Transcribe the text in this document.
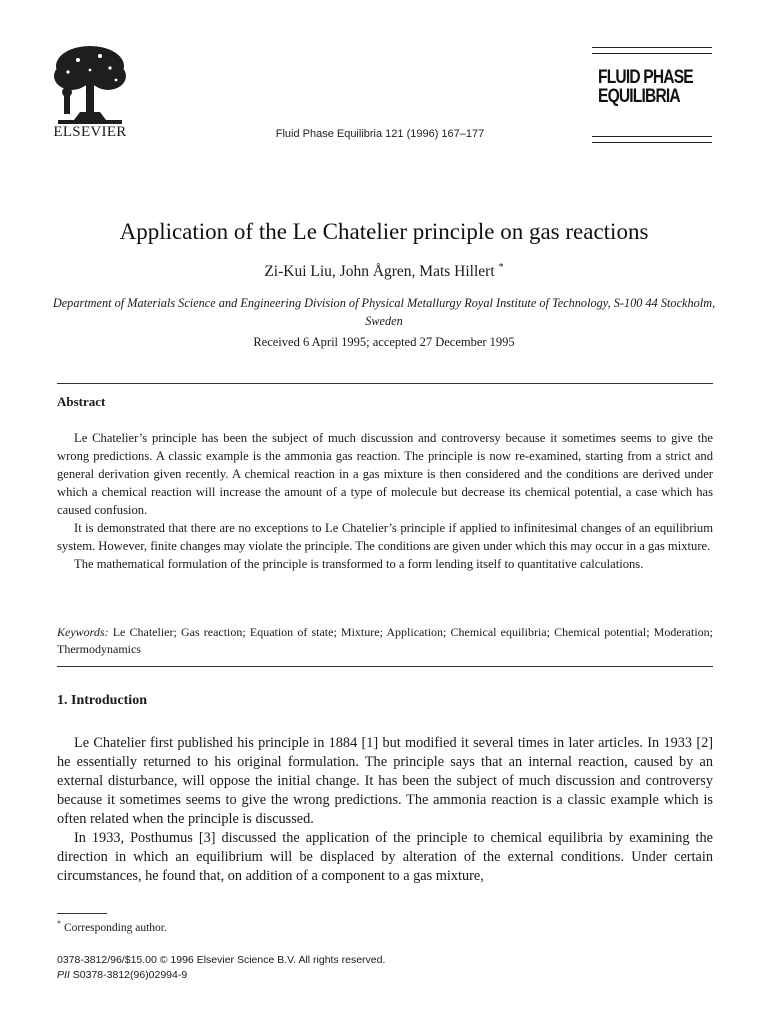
ELSEVIER	Fluid Phase Equilibria 121 (1996) 167–177
FLUID PHASE
EQUILIBRIA
Application of the Le Chatelier principle on gas reactions
Zi-Kui Liu, John Ågren, Mats Hillert *
Department of Materials Science and Engineering Division of Physical Metallurgy Royal Institute of Technology, S-100 44 Stockholm, Sweden
Received 6 April 1995; accepted 27 December 1995
Abstract

Le Chatelier’s principle has been the subject of much discussion and controversy because it sometimes seems to give the wrong predictions. A classic example is the ammonia gas reaction. The principle is now re-examined, starting from a strict and general derivation given recently. A chemical reaction in a gas mixture is then considered and the conditions are derived under which a chemical reaction will increase the amount of a type of molecule but decrease its chemical potential, a case which has caused confusion.

It is demonstrated that there are no exceptions to Le Chatelier’s principle if applied to infinitesimal changes of an equilibrium system. However, finite changes may violate the principle. The conditions are given under which this may occur in a gas mixture.

The mathematical formulation of the principle is transformed to a form lending itself to quantitative calculations.

Keywords: Le Chatelier; Gas reaction; Equation of state; Mixture; Application; Chemical equilibria; Chemical potential; Moderation; Thermodynamics
1. Introduction

Le Chatelier first published his principle in 1884 [1] but modified it several times in later articles. In 1933 [2] he essentially returned to his original formulation. The principle says that an internal reaction, caused by an external disturbance, will oppose the initial change. It has been the subject of much discussion and controversy because it sometimes seems to give the wrong predictions. The ammonia reaction is a classic example which is often related when the principle is discussed.

In 1933, Posthumus [3] discussed the application of the principle to chemical equilibria by examining the direction in which an equilibrium will be displaced by alteration of the external conditions. Under certain circumstances, he found that, on addition of a component to a gas mixture,

* Corresponding author.
0378-3812/96/$15.00 © 1996 Elsevier Science B.V. All rights reserved.
PII S0378-3812(96)02994-9
